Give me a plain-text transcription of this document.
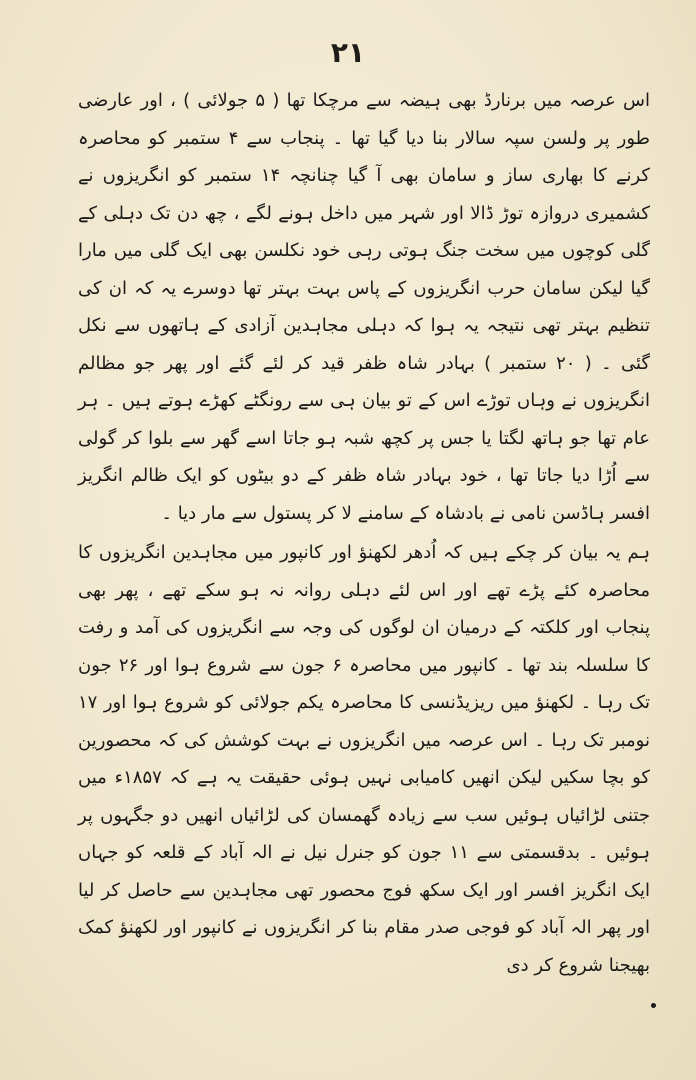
۲۱

اس عرصہ میں برنارڈ بھی ہیضہ سے مرچکا تھا ( ۵ جولائی ) ، اور عارضی طور پر ولسن سپہ سالار بنا دیا گیا تھا ۔ پنجاب سے ۴ ستمبر کو محاصرہ کرنے کا بھاری ساز و سامان بھی آ گیا چنانچہ ۱۴ ستمبر کو انگریزوں نے کشمیری دروازہ توڑ ڈالا اور شہر میں داخل ہونے لگے ، چھ دن تک دہلی کے گلی کوچوں میں سخت جنگ ہوتی رہی خود نکلسن بھی ایک گلی میں مارا گیا لیکن سامان حرب انگریزوں کے پاس بہت بہتر تھا دوسرے یہ کہ ان کی تنظیم بہتر تھی نتیجہ یہ ہوا کہ دہلی مجاہدین آزادی کے ہاتھوں سے نکل گئی ۔ ( ۲۰ ستمبر ) بہادر شاہ ظفر قید کر لئے گئے اور پھر جو مظالم انگریزوں نے وہاں توڑے اس کے تو بیان ہی سے رونگٹے کھڑے ہوتے ہیں ۔ ہر عام تھا جو ہاتھ لگتا یا جس پر کچھ شبہ ہو جاتا اسے گھر سے بلوا کر گولی سے اُڑا دیا جاتا تھا ، خود بہادر شاہ ظفر کے دو بیٹوں کو ایک ظالم انگریز افسر ہاڈسن نامی نے بادشاہ کے سامنے لا کر پستول سے مار دیا ۔

ہم یہ بیان کر چکے ہیں کہ اُدھر لکھنؤ اور کانپور میں مجاہدین انگریزوں کا محاصرہ کئے پڑے تھے اور اس لئے دہلی روانہ نہ ہو سکے تھے ، پھر بھی پنجاب اور کلکتہ کے درمیان ان لوگوں کی وجہ سے انگریزوں کی آمد و رفت کا سلسلہ بند تھا ۔ کانپور میں محاصرہ ۶ جون سے شروع ہوا اور ۲۶ جون تک رہا ۔ لکھنؤ میں ریزیڈنسی کا محاصرہ یکم جولائی کو شروع ہوا اور ۱۷ نومبر تک رہا ۔ اس عرصہ میں انگریزوں نے بہت کوشش کی کہ محصورین کو بچا سکیں لیکن انھیں کامیابی نہیں ہوئی حقیقت یہ ہے کہ ۱۸۵۷ء میں جتنی لڑائیاں ہوئیں سب سے زیادہ گھمسان کی لڑائیاں انھیں دو جگہوں پر ہوئیں ۔ بدقسمتی سے ۱۱ جون کو جنرل نیل نے الہ آباد کے قلعہ کو جہاں ایک انگریز افسر اور ایک سکھ فوج محصور تھی مجاہدین سے حاصل کر لیا اور پھر الہ آباد کو فوجی صدر مقام بنا کر انگریزوں نے کانپور اور لکھنؤ کمک بھیجنا شروع کر دی
